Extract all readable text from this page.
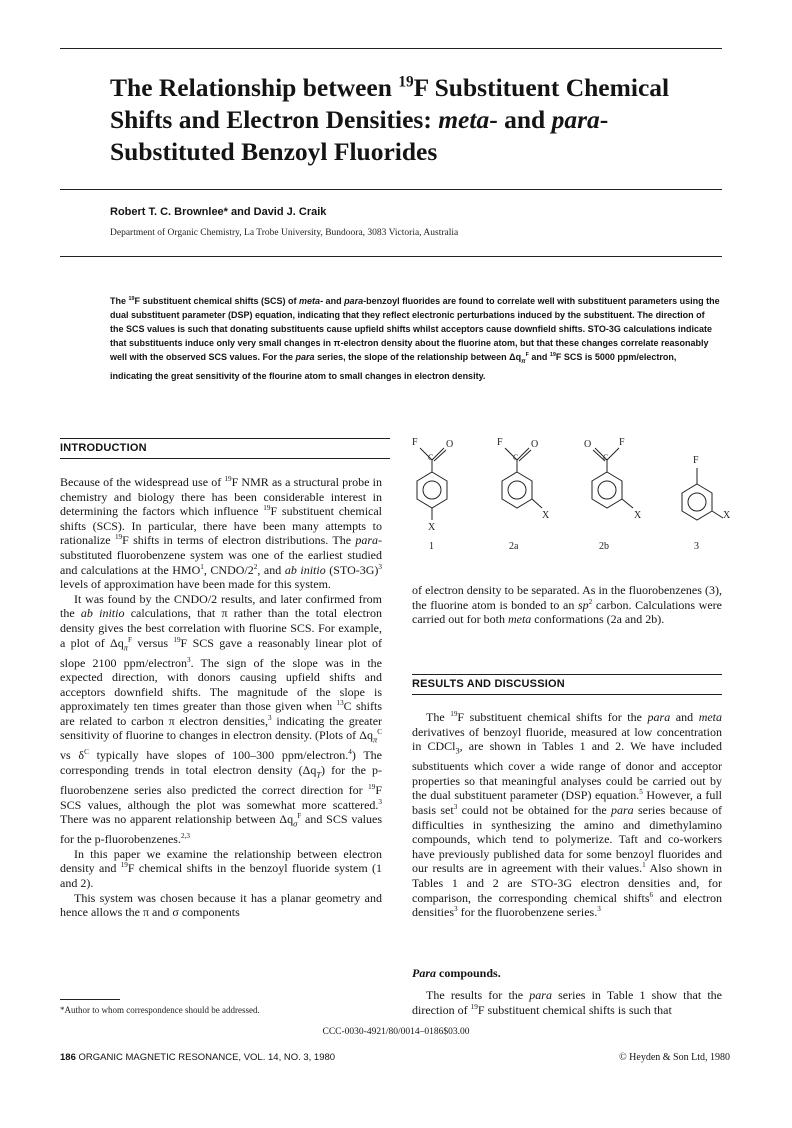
The Relationship between $^{19}$F Substituent Chemical Shifts and Electron Densities: meta- and para-Substituted Benzoyl Fluorides
Robert T. C. Brownlee* and David J. Craik
Department of Organic Chemistry, La Trobe University, Bundoora, 3083 Victoria, Australia

The $^{19}$F substituent chemical shifts (SCS) of meta- and para-benzoyl fluorides are found to correlate well with substituent parameters using the dual substituent parameter (DSP) equation, indicating that they reflect electronic perturbations induced by the substituent. The direction of the SCS values is such that donating substituents cause upfield shifts whilst acceptors cause downfield shifts. STO-3G calculations indicate that substituents induce only very small changes in π-electron density about the fluorine atom, but that these changes correlate reasonably well with the observed SCS values. For the para series, the slope of the relationship between $\Delta q_\pi^F$ and $^{19}$F SCS is 5000 ppm/electron, indicating the great sensitivity of the flourine atom to small changes in electron density.

INTRODUCTION

Because of the widespread use of $^{19}$F NMR as a structural probe in chemistry and biology there has been considerable interest in determining the factors which influence $^{19}$F substituent chemical shifts (SCS). In particular, there have been many attempts to rationalize $^{19}$F shifts in terms of electron distributions. The para-substituted fluorobenzene system was one of the earliest studied and calculations at the HMO$^1$, CNDO/$2^2$, and ab initio $(STO-3G)^3$ levels of approximation have been made for this system.

It was found by the CNDO/2 results, and later confirmed from the ab initio calculations, that π rather than the total electron density gives the best correlation with fluorine SCS. For example, a plot of $\Delta q_\pi^F$ versus $^{19}$F SCS gave a reasonably linear plot of slope 2100 ppm/electron$^3$. The sign of the slope was in the expected direction, with donors causing upfield shifts and acceptors downfield shifts. The magnitude of the slope is approximately ten times greater than those given when $^{13}$C shifts are related to carbon π electron densities,$^3$ indicating the greater sensitivity of fluorine to changes in electron density. (Plots of $\Delta q_\pi^C$ vs $\delta^C$ typically have slopes of 100–300 ppm/electron.$^4$) The corresponding trends in total electron density $(\Delta q_T)$ for the p-fluorobenzene series also predicted the correct direction for $^{19}$F SCS values, although the plot was somewhat more scattered.$^3$ There was no apparent relationship between $\Delta q_\sigma^F$ and SCS values for the p-fluorobenzenes.$^{2,3}$

In this paper we examine the relationship between electron density and $^{19}$F chemical shifts in the benzoyl fluoride system (1 and 2).

This system was chosen because it has a planar geometry and hence allows the π and σ components

F	O
C
X
F	O
C
X
O	F
C
X
F
X
1	2a	2b	3

of electron density to be separated. As in the fluorobenzenes (3), the fluorine atom is bonded to an $sp^2$ carbon. Calculations were carried out for both meta conformations (2a and 2b).

RESULTS AND DISCUSSION

The $^{19}$F substituent chemical shifts for the para and meta derivatives of benzoyl fluoride, measured at low concentration in CDCl$_3$, are shown in Tables 1 and 2. We have included substituents which cover a wide range of donor and acceptor properties so that meaningful analyses could be carried out by the dual substituent parameter (DSP) equation.$^5$ However, a full basis set$^3$ could not be obtained for the para series because of difficulties in synthesizing the amino and dimethylamino compounds, which tend to polymerize. Taft and co-workers have previously published data for some benzoyl fluorides and our results are in agreement with their values.$^1$ Also shown in Tables 1 and 2 are STO-3G electron densities and, for comparison, the corresponding chemical shifts$^6$ and electron densities$^3$ for the fluorobenzene series.$^3$

Para compounds.

The results for the para series in Table 1 show that the direction of $^{19}$F substituent chemical shifts is such that

*Author to whom correspondence should be addressed.
CCC-0030-4921/80/0014–0186$03.00
186 ORGANIC MAGNETIC RESONANCE, VOL. 14, NO. 3, 1980	© Heyden & Son Ltd, 1980
